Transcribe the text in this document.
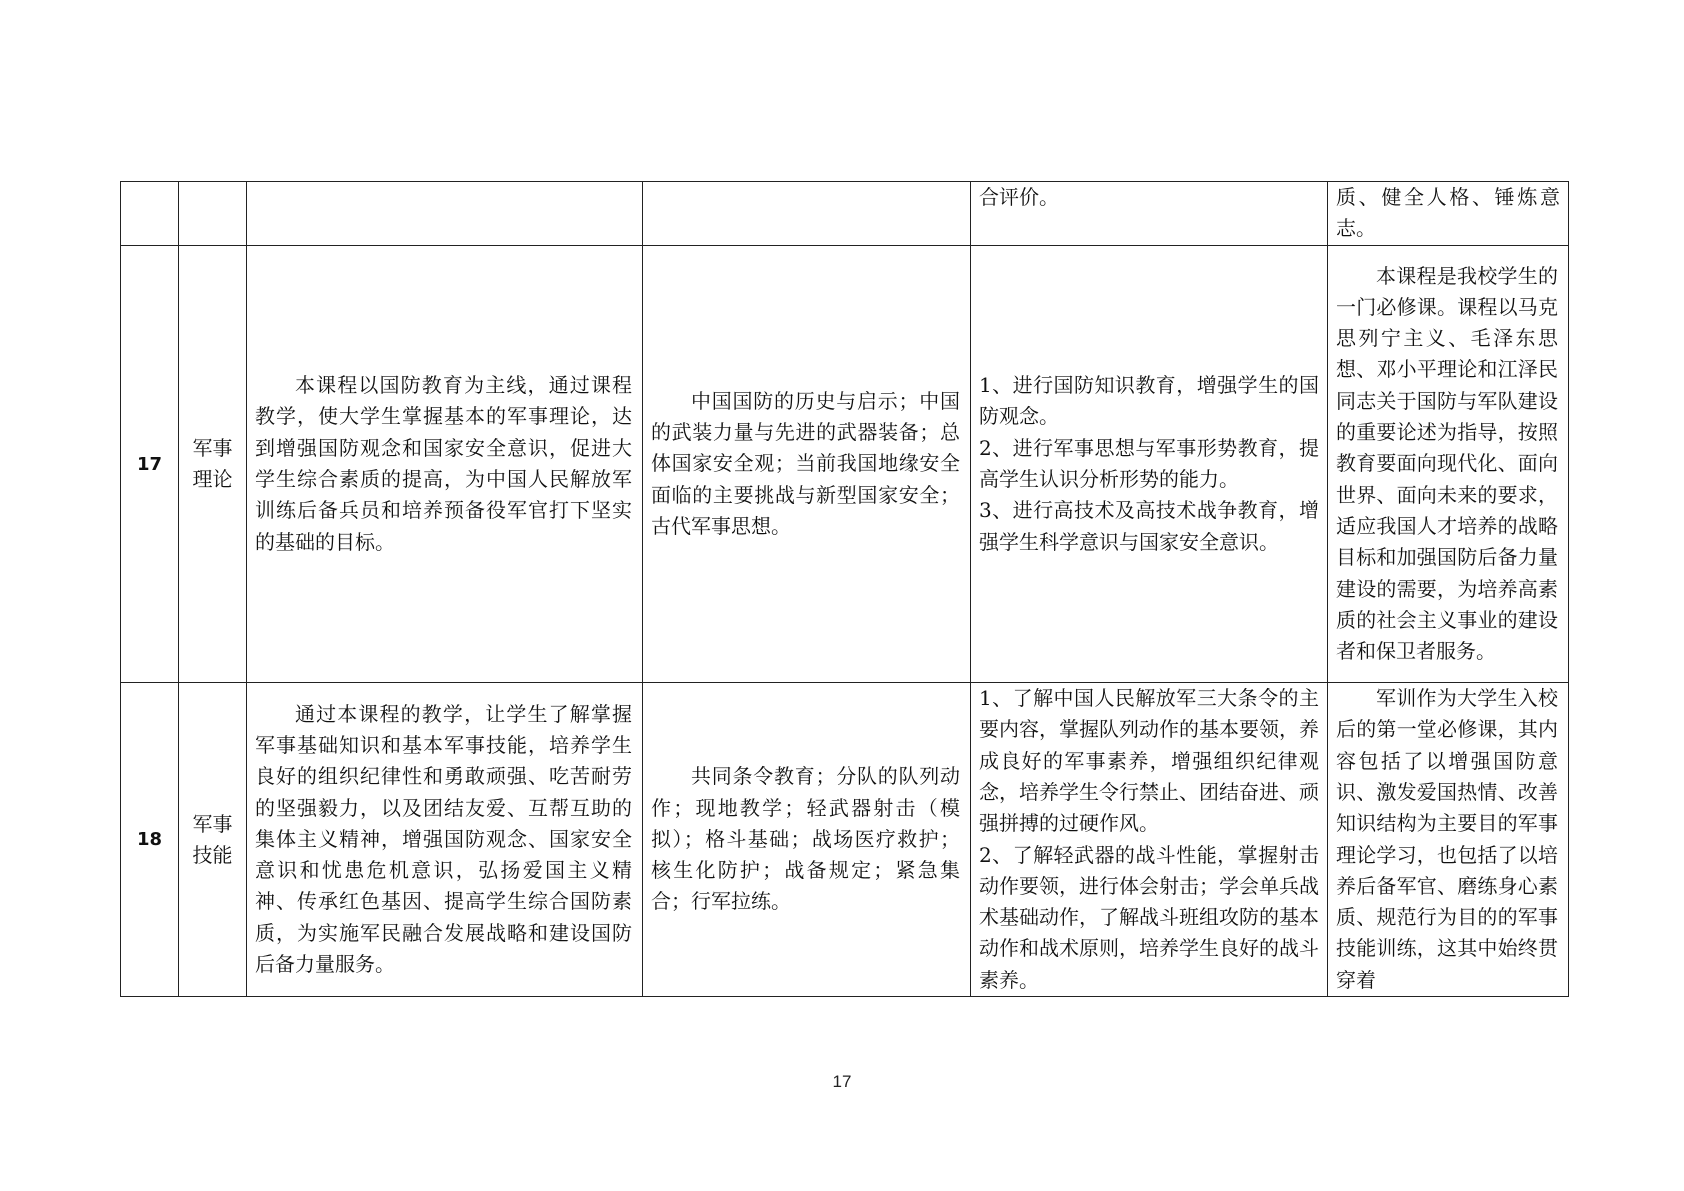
				合评价。	质、健全人格、锤炼意志。

17	军事理论	本课程以国防教育为主线，通过课程教学，使大学生掌握基本的军事理论，达到增强国防观念和国家安全意识，促进大学生综合素质的提高，为中国人民解放军训练后备兵员和培养预备役军官打下坚实的基础的目标。	中国国防的历史与启示；中国的武装力量与先进的武器装备；总体国家安全观；当前我国地缘安全面临的主要挑战与新型国家安全；古代军事思想。	1、进行国防知识教育，增强学生的国防观念。
2、进行军事思想与军事形势教育，提高学生认识分析形势的能力。
3、进行高技术及高技术战争教育，增强学生科学意识与国家安全意识。	本课程是我校学生的一门必修课。课程以马克思列宁主义、毛泽东思想、邓小平理论和江泽民同志关于国防与军队建设的重要论述为指导，按照教育要面向现代化、面向世界、面向未来的要求，适应我国人才培养的战略目标和加强国防后备力量建设的需要，为培养高素质的社会主义事业的建设者和保卫者服务。

18	军事技能	通过本课程的教学，让学生了解掌握军事基础知识和基本军事技能，培养学生良好的组织纪律性和勇敢顽强、吃苦耐劳的坚强毅力，以及团结友爱、互帮互助的集体主义精神，增强国防观念、国家安全意识和忧患危机意识，弘扬爱国主义精神、传承红色基因、提高学生综合国防素质，为实施军民融合发展战略和建设国防后备力量服务。	共同条令教育；分队的队列动作；现地教学；轻武器射击（模拟）；格斗基础；战场医疗救护；核生化防护；战备规定；紧急集合；行军拉练。	1、了解中国人民解放军三大条令的主要内容，掌握队列动作的基本要领，养成良好的军事素养，增强组织纪律观念，培养学生令行禁止、团结奋进、顽强拼搏的过硬作风。
2、了解轻武器的战斗性能，掌握射击动作要领，进行体会射击；学会单兵战术基础动作，了解战斗班组攻防的基本动作和战术原则，培养学生良好的战斗素养。	军训作为大学生入校后的第一堂必修课，其内容包括了以增强国防意识、激发爱国热情、改善知识结构为主要目的军事理论学习，也包括了以培养后备军官、磨练身心素质、规范行为目的的军事技能训练，这其中始终贯穿着
17
